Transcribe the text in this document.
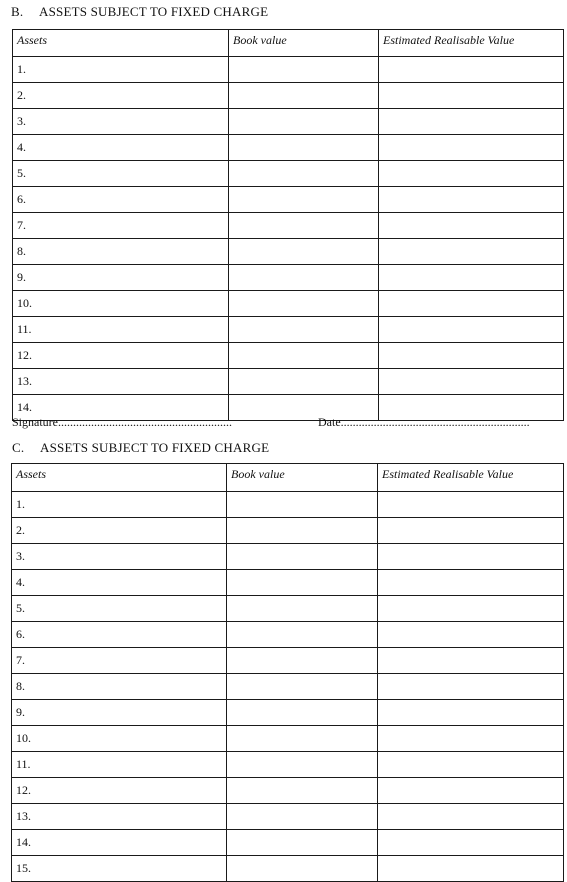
B. ASSETS SUBJECT TO FIXED CHARGE
Assets	Book value	Estimated Realisable Value
1.		
2.		
3.		
4.		
5.		
6.		
7.		
8.		
9.		
10.		
11.		
12.		
13.		
14.		
Signature..........................................................	Date...............................................................
C. ASSETS SUBJECT TO FIXED CHARGE
Assets	Book value	Estimated Realisable Value
1.		
2.		
3.		
4.		
5.		
6.		
7.		
8.		
9.		
10.		
11.		
12.		
13.		
14.		
15.		
